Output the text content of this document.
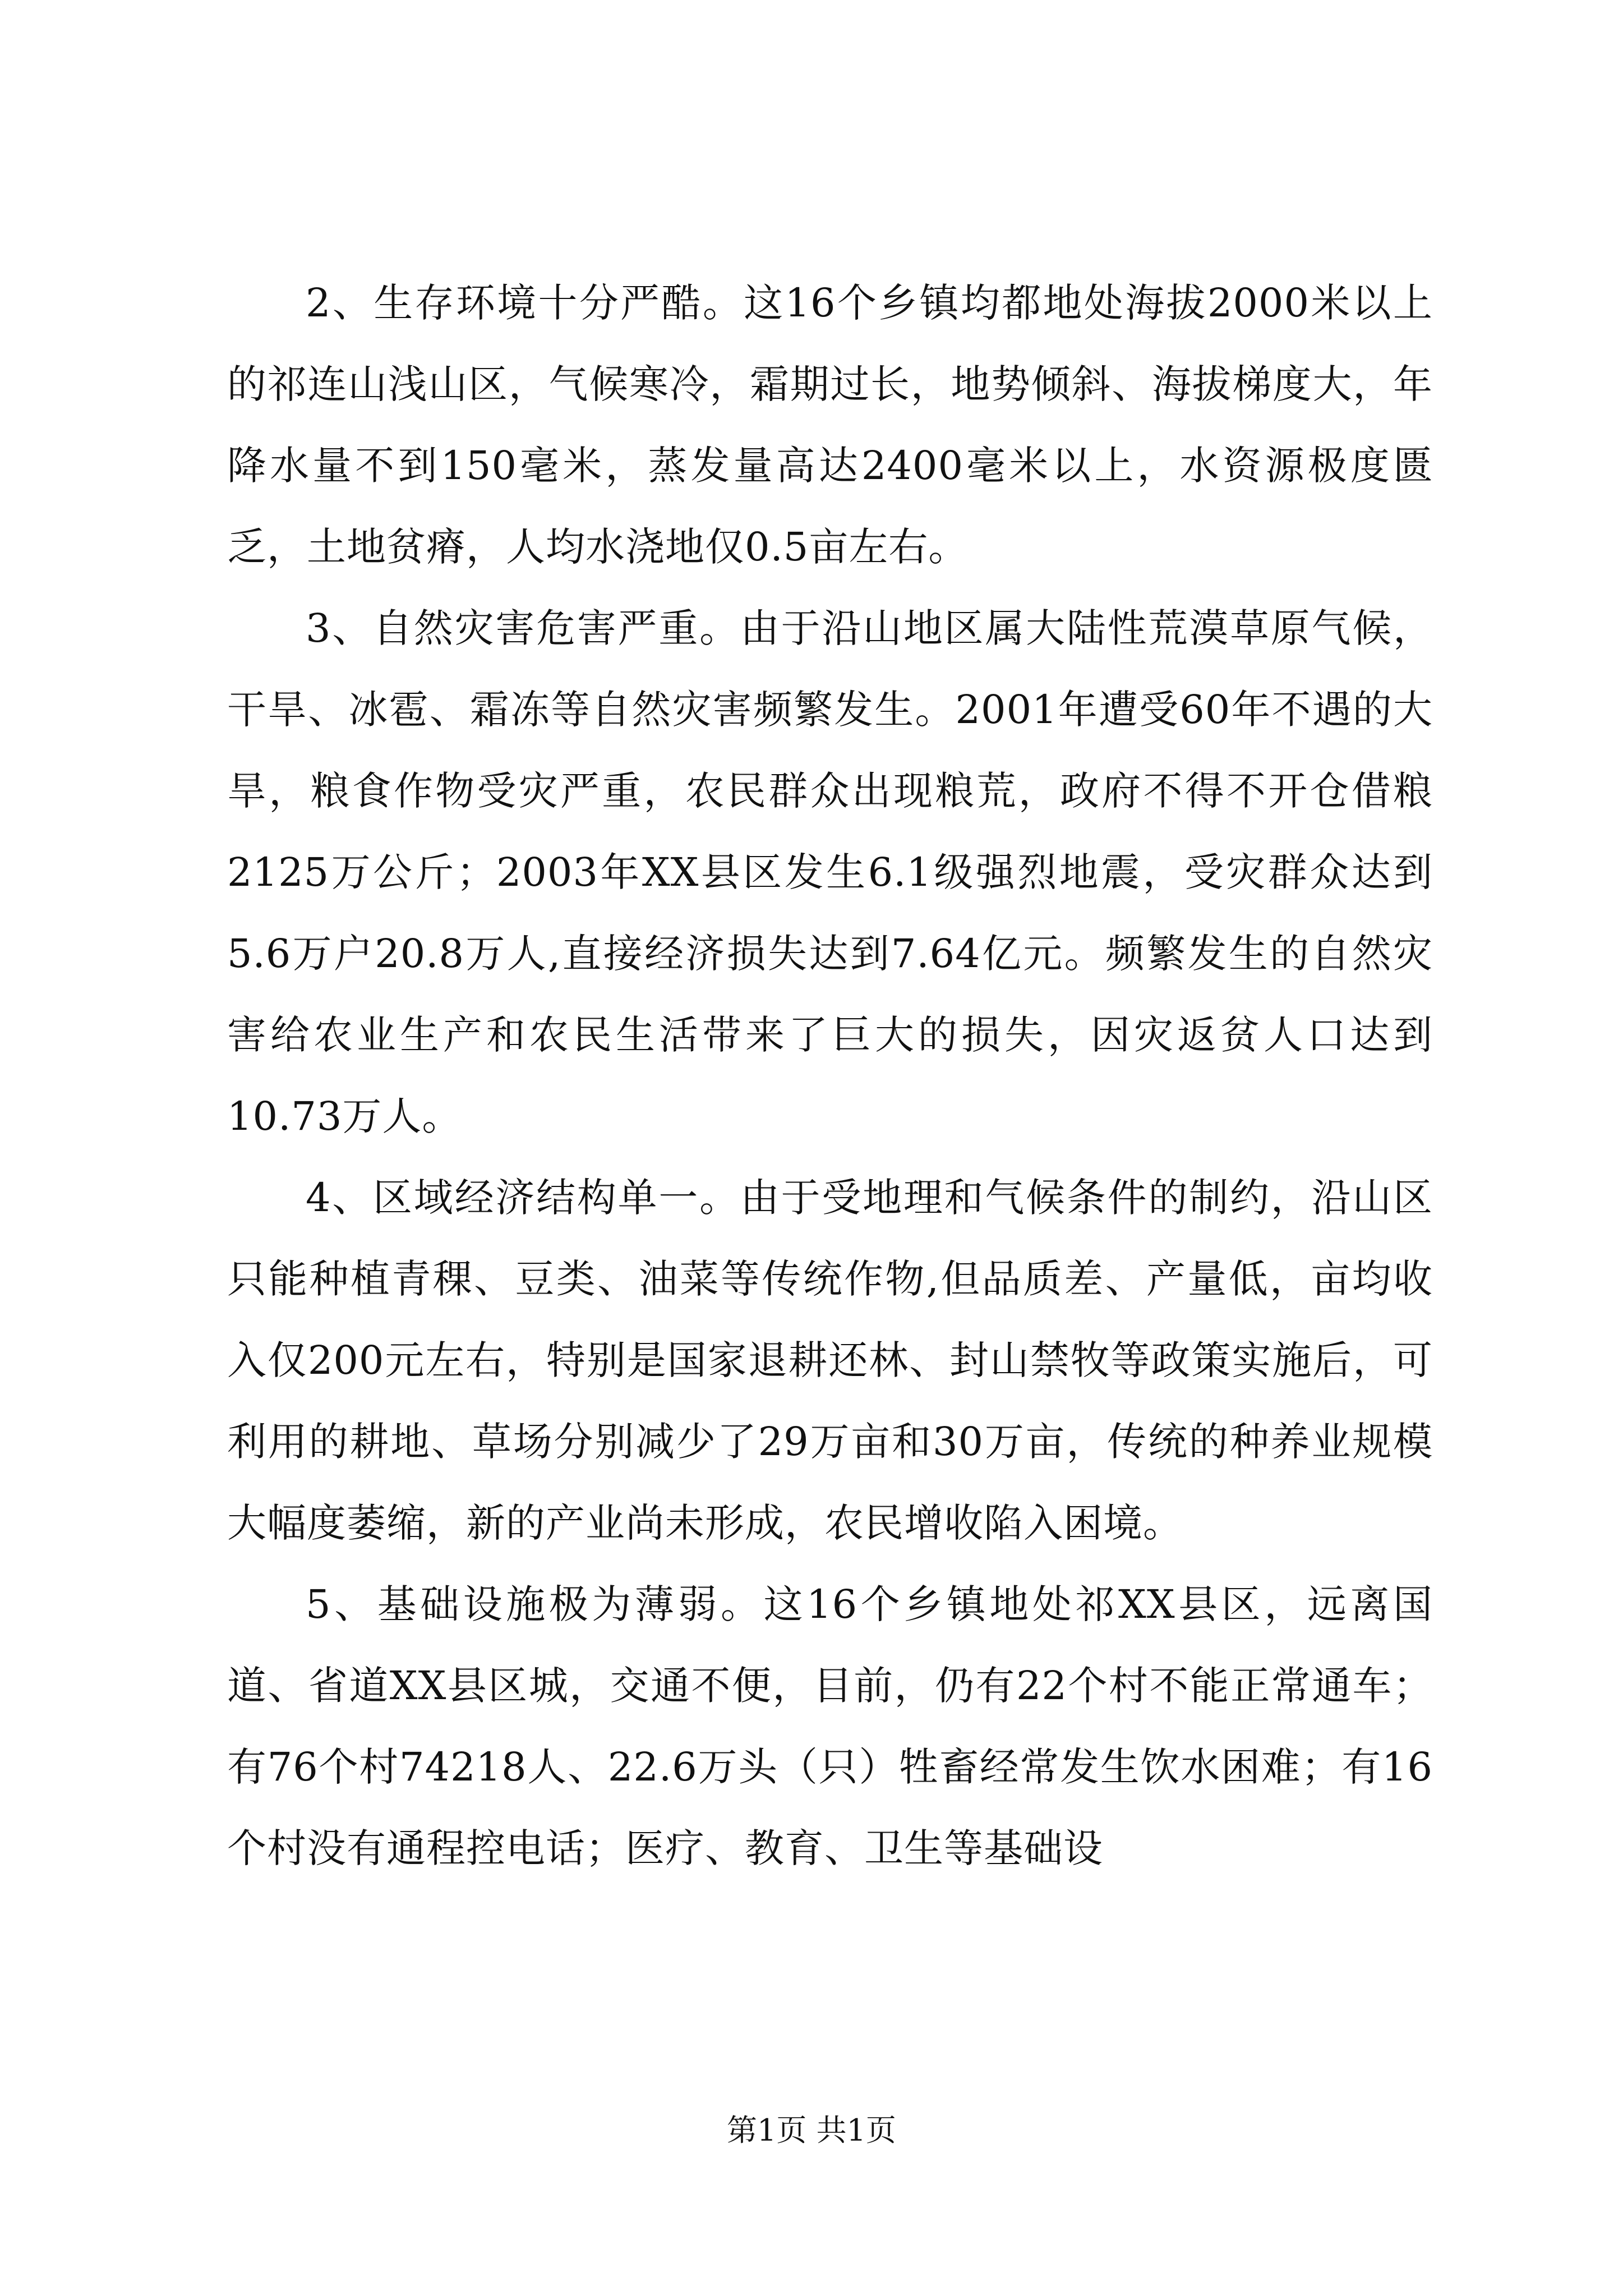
2、生存环境十分严酷。这16个乡镇均都地处海拔2000米以上的祁连山浅山区，气候寒冷，霜期过长，地势倾斜、海拔梯度大，年降水量不到150毫米，蒸发量高达2400毫米以上，水资源极度匮乏，土地贫瘠，人均水浇地仅0.5亩左右。

3、自然灾害危害严重。由于沿山地区属大陆性荒漠草原气候，干旱、冰雹、霜冻等自然灾害频繁发生。2001年遭受60年不遇的大旱，粮食作物受灾严重，农民群众出现粮荒，政府不得不开仓借粮2125万公斤；2003年XX县区发生6.1级强烈地震，受灾群众达到5.6万户20.8万人,直接经济损失达到7.64亿元。频繁发生的自然灾害给农业生产和农民生活带来了巨大的损失，因灾返贫人口达到10.73万人。

4、区域经济结构单一。由于受地理和气候条件的制约，沿山区只能种植青稞、豆类、油菜等传统作物,但品质差、产量低，亩均收入仅200元左右，特别是国家退耕还林、封山禁牧等政策实施后，可利用的耕地、草场分别减少了29万亩和30万亩，传统的种养业规模大幅度萎缩，新的产业尚未形成，农民增收陷入困境。

5、基础设施极为薄弱。这16个乡镇地处祁XX县区，远离国道、省道XX县区城，交通不便，目前，仍有22个村不能正常通车；有76个村74218人、22.6万头（只）牲畜经常发生饮水困难；有16个村没有通程控电话；医疗、教育、卫生等基础设

第1页 共1页
